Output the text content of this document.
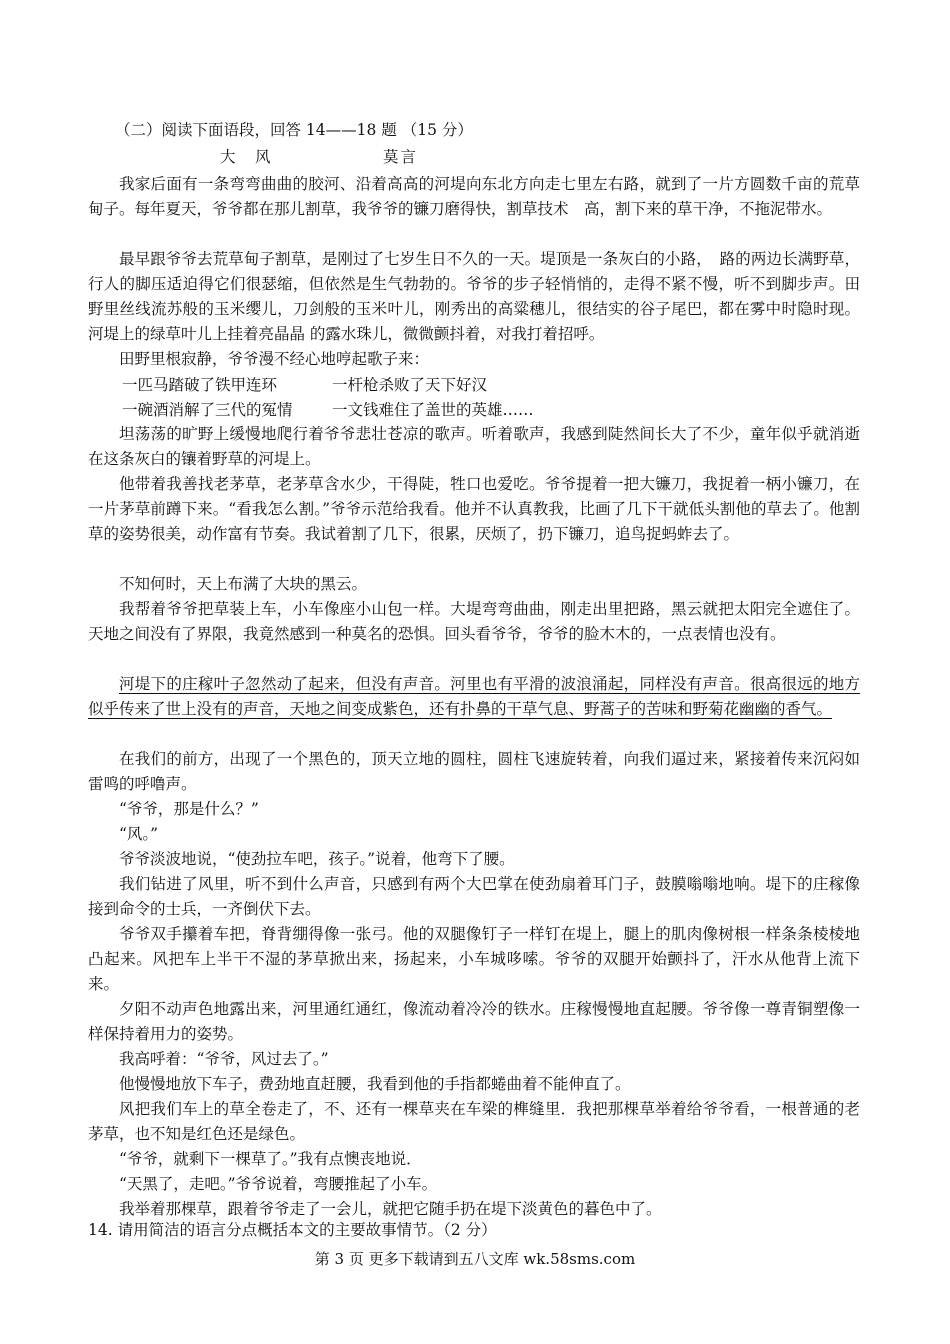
（二）阅读下面语段，回答 14——18 题 （15 分）
大　风	莫言

我家后面有一条弯弯曲曲的胶河、沿着高高的河堤向东北方向走七里左右路，就到了一片方圆数千亩的荒草甸子。每年夏天，爷爷都在那儿割草，我爷爷的镰刀磨得快，割草技术　高，割下来的草干净，不拖泥带水。

最早跟爷爷去荒草甸子割草，是刚过了七岁生日不久的一天。堤顶是一条灰白的小路，　路的两边长满野草，行人的脚压适迫得它们很瑟缩，但依然是生气勃勃的。爷爷的步子轻悄悄的，走得不紧不慢，听不到脚步声。田野里丝线流苏般的玉米缨儿，刀剑般的玉米叶儿，刚秀出的高粱穗儿，很结实的谷子尾巴，都在雾中时隐时现。河堤上的绿草叶儿上挂着亮晶晶 的露水珠儿，微微颤抖着，对我打着招呼。

田野里根寂静，爷爷漫不经心地哼起歌子来：

一匹马踏破了铁甲连环	一杆枪杀败了天下好汉
一碗酒消解了三代的冤情	一文钱难住了盖世的英雄……

坦荡荡的旷野上缓慢地爬行着爷爷悲壮苍凉的歌声。听着歌声，我感到陡然间长大了不少，童年似乎就消逝在这条灰白的镶着野草的河堤上。

他带着我善找老茅草，老茅草含水少，干得陡，牲口也爱吃。爷爷提着一把大镰刀，我捉着一柄小镰刀，在一片茅草前蹲下来。“看我怎么割。”爷爷示范给我看。他并不认真教我，比画了几下干就低头割他的草去了。他割草的姿势很美，动作富有节奏。我试着割了几下，很累，厌烦了，扔下镰刀，追鸟捉蚂蚱去了。

不知何时，天上布满了大块的黑云。

我帮着爷爷把草装上车，小车像座小山包一样。大堤弯弯曲曲，刚走出里把路，黑云就把太阳完全遮住了。天地之间没有了界限，我竟然感到一种莫名的恐惧。回头看爷爷，爷爷的脸木木的，一点表情也没有。

河堤下的庄稼叶子忽然动了起来，但没有声音。河里也有平滑的波浪涌起，同样没有声音。很高很远的地方似乎传来了世上没有的声音，天地之间变成紫色，还有扑鼻的干草气息、野蒿子的苦味和野菊花幽幽的香气。

在我们的前方，出现了一个黑色的，顶天立地的圆柱，圆柱飞速旋转着，向我们逼过来，紧接着传来沉闷如雷鸣的呼噜声。

“爷爷，那是什么？”

“风。”

爷爷淡波地说，“使劲拉车吧，孩子。”说着，他弯下了腰。

我们钻进了风里，听不到什么声音，只感到有两个大巴掌在使劲扇着耳门子，鼓膜嗡嗡地响。堤下的庄稼像接到命令的士兵，一齐倒伏下去。

爷爷双手攥着车把，脊背绷得像一张弓。他的双腿像钉子一样钉在堤上，腿上的肌肉像树根一样条条棱棱地凸起来。风把车上半干不湿的茅草掀出来，扬起来，小车城哆嗦。爷爷的双腿开始颤抖了，汗水从他背上流下来。

夕阳不动声色地露出来，河里通红通红，像流动着冷冷的铁水。庄稼慢慢地直起腰。爷爷像一尊青铜塑像一样保持着用力的姿势。

我高呼着：“爷爷，风过去了。”

他慢慢地放下车子，费劲地直赶腰，我看到他的手指都蜷曲着不能伸直了。

风把我们车上的草全卷走了，不、还有一棵草夹在车梁的榫缝里．我把那棵草举着给爷爷看，一根普通的老茅草，也不知是红色还是绿色。

“爷爷，就剩下一棵草了。”我有点懊丧地说．

“天黑了，走吧。”爷爷说着，弯腰推起了小车。

我举着那棵草，跟着爷爷走了一会儿，就把它随手扔在堤下淡黄色的暮色中了。

14. 请用简洁的语言分点概括本文的主要故事情节。（2 分）
第 3 页 更多下载请到五八文库 wk.58sms.com
